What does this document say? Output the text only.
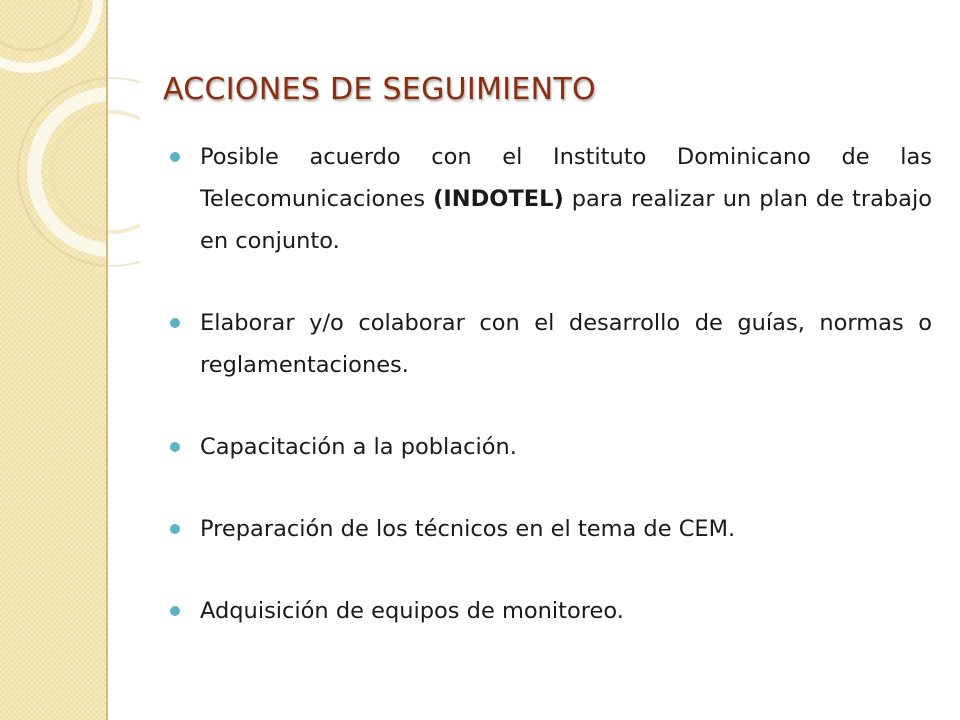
ACCIONES DE SEGUIMIENTO
Posible acuerdo con el Instituto Dominicano de las Telecomunicaciones (INDOTEL) para realizar un plan de trabajo en conjunto.
Elaborar y/o colaborar con el desarrollo de guías, normas o reglamentaciones.
Capacitación a la población.
Preparación de los técnicos en el tema de CEM.
Adquisición de equipos de monitoreo.
